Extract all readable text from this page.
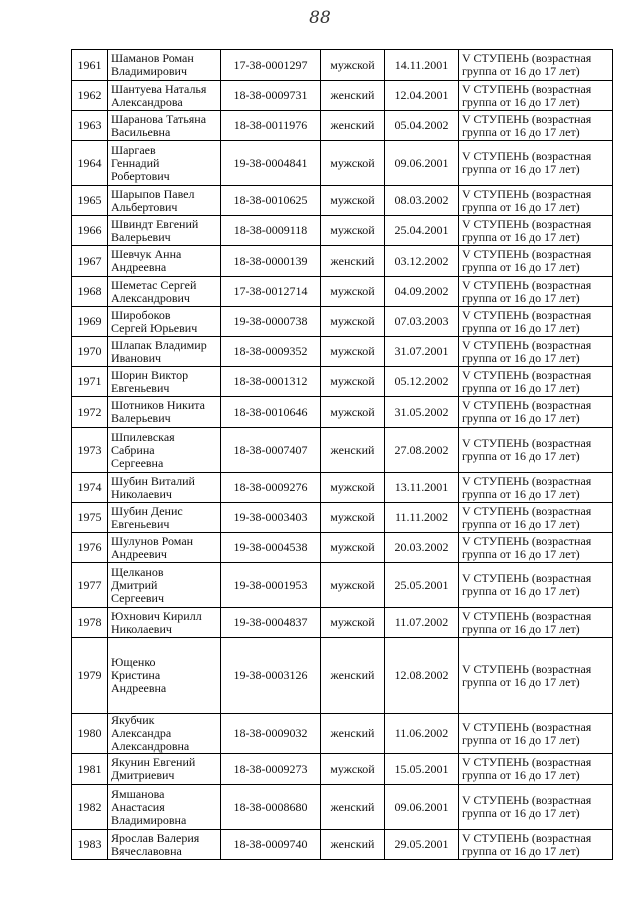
88
1961	Шаманов Роман
Владимирович	17-38-0001297	мужской	14.11.2001	V СТУПЕНЬ (возрастная
группа от 16 до 17 лет)

1962	Шантуева Наталья
Александрова	18-38-0009731	женский	12.04.2001	V СТУПЕНЬ (возрастная
группа от 16 до 17 лет)

1963	Шаранова Татьяна
Васильевна	18-38-0011976	женский	05.04.2002	V СТУПЕНЬ (возрастная
группа от 16 до 17 лет)

1964	Шаргаев
Геннадий
Робертович	19-38-0004841	мужской	09.06.2001	V СТУПЕНЬ (возрастная
группа от 16 до 17 лет)

1965	Шарыпов Павел
Альбертович	18-38-0010625	мужской	08.03.2002	V СТУПЕНЬ (возрастная
группа от 16 до 17 лет)

1966	Швиндт Евгений
Валерьевич	18-38-0009118	мужской	25.04.2001	V СТУПЕНЬ (возрастная
группа от 16 до 17 лет)

1967	Шевчук Анна
Андреевна	18-38-0000139	женский	03.12.2002	V СТУПЕНЬ (возрастная
группа от 16 до 17 лет)

1968	Шеметас Сергей
Александрович	17-38-0012714	мужской	04.09.2002	V СТУПЕНЬ (возрастная
группа от 16 до 17 лет)

1969	Широбоков
Сергей Юрьевич	19-38-0000738	мужской	07.03.2003	V СТУПЕНЬ (возрастная
группа от 16 до 17 лет)

1970	Шлапак Владимир
Иванович	18-38-0009352	мужской	31.07.2001	V СТУПЕНЬ (возрастная
группа от 16 до 17 лет)

1971	Шорин Виктор
Евгеньевич	18-38-0001312	мужской	05.12.2002	V СТУПЕНЬ (возрастная
группа от 16 до 17 лет)

1972	Шотников Никита
Валерьевич	18-38-0010646	мужской	31.05.2002	V СТУПЕНЬ (возрастная
группа от 16 до 17 лет)

1973	Шпилевская
Сабрина
Сергеевна	18-38-0007407	женский	27.08.2002	V СТУПЕНЬ (возрастная
группа от 16 до 17 лет)

1974	Шубин Виталий
Николаевич	18-38-0009276	мужской	13.11.2001	V СТУПЕНЬ (возрастная
группа от 16 до 17 лет)

1975	Шубин Денис
Евгеньевич	19-38-0003403	мужской	11.11.2002	V СТУПЕНЬ (возрастная
группа от 16 до 17 лет)

1976	Шулунов Роман
Андреевич	19-38-0004538	мужской	20.03.2002	V СТУПЕНЬ (возрастная
группа от 16 до 17 лет)

1977	Щелканов
Дмитрий
Сергеевич	19-38-0001953	мужской	25.05.2001	V СТУПЕНЬ (возрастная
группа от 16 до 17 лет)

1978	Юхнович Кирилл
Николаевич	19-38-0004837	мужской	11.07.2002	V СТУПЕНЬ (возрастная
группа от 16 до 17 лет)

1979	Ющенко
Кристина
Андреевна	19-38-0003126	женский	12.08.2002	V СТУПЕНЬ (возрастная
группа от 16 до 17 лет)

1980	Якубчик
Александра
Александровна	18-38-0009032	женский	11.06.2002	V СТУПЕНЬ (возрастная
группа от 16 до 17 лет)

1981	Якунин Евгений
Дмитриевич	18-38-0009273	мужской	15.05.2001	V СТУПЕНЬ (возрастная
группа от 16 до 17 лет)

1982	Ямшанова
Анастасия
Владимировна	18-38-0008680	женский	09.06.2001	V СТУПЕНЬ (возрастная
группа от 16 до 17 лет)

1983	Ярослав Валерия
Вячеславовна	18-38-0009740	женский	29.05.2001	V СТУПЕНЬ (возрастная
группа от 16 до 17 лет)
